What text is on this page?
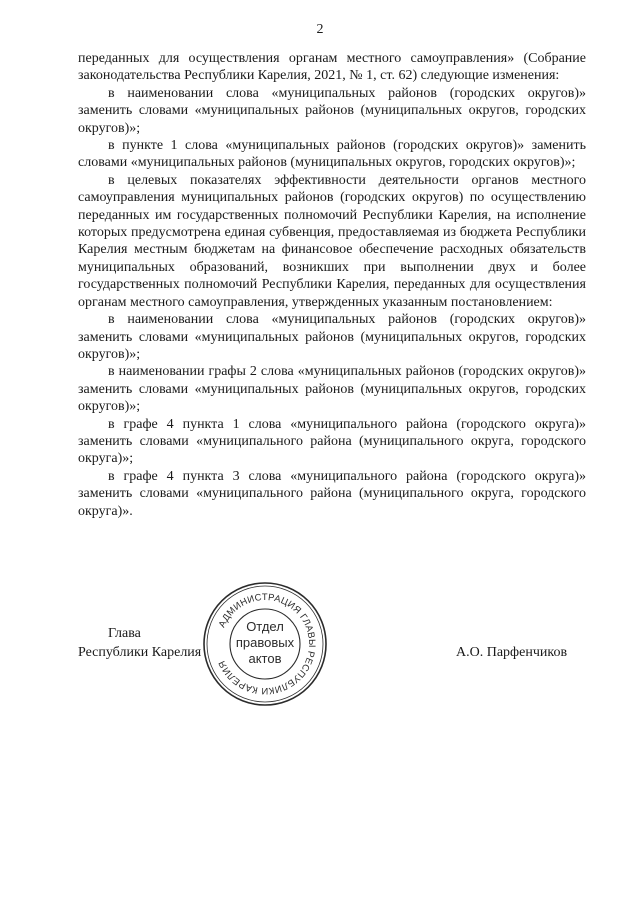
2

переданных для осуществления органам местного самоуправления» (Собрание законодательства Республики Карелия, 2021, № 1, ст. 62) следующие изменения:

в наименовании слова «муниципальных районов (городских округов)» заменить словами «муниципальных районов (муниципальных округов, городских округов)»;

в пункте 1 слова «муниципальных районов (городских округов)» заменить словами «муниципальных районов (муниципальных округов, городских округов)»;

в целевых показателях эффективности деятельности органов местного самоуправления муниципальных районов (городских округов) по осуществлению переданных им государственных полномочий Республики Карелия, на исполнение которых предусмотрена единая субвенция, предоставляемая из бюджета Республики Карелия местным бюджетам на финансовое обеспечение расходных обязательств муниципальных образований, возникших при выполнении двух и более государственных полномочий Республики Карелия, переданных для осуществления органам местного самоуправления, утвержденных указанным постановлением:

в наименовании слова «муниципальных районов (городских округов)» заменить словами «муниципальных районов (муниципальных округов, городских округов)»;

в наименовании графы 2 слова «муниципальных районов (городских округов)» заменить словами «муниципальных районов (муниципальных округов, городских округов)»;

в графе 4 пункта 1 слова «муниципального района (городского округа)» заменить словами «муниципального района (муниципального округа, городского округа)»;

в графе 4 пункта 3 слова «муниципального района (городского округа)» заменить словами «муниципального района (муниципального округа, городского округа)».

Глава
Республики Карелия	А.О. Парфенчиков
АДМИНИСТРАЦИЯ ГЛАВЫ РЕСПУБЛИКИ КАРЕЛИЯ
Отдел
правовых
актов
